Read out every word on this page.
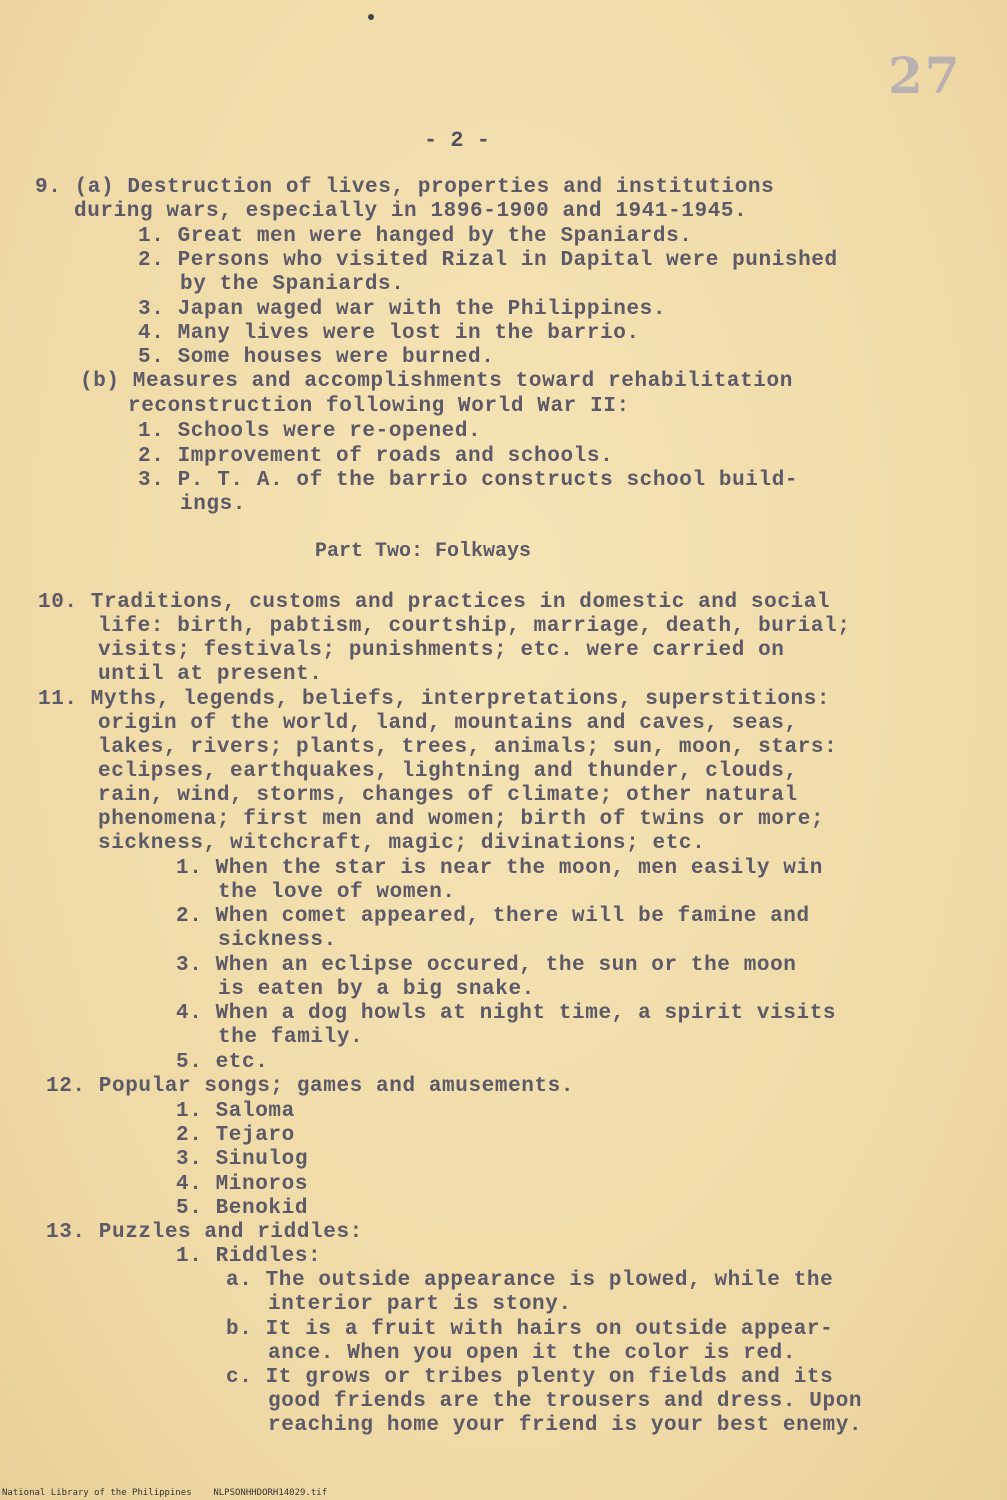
27
- 2 -
9. (a) Destruction of lives, properties and institutions
during wars, especially in 1896-1900 and 1941-1945.
1. Great men were hanged by the Spaniards.
2. Persons who visited Rizal in Dapital were punished
by the Spaniards.
3. Japan waged war with the Philippines.
4. Many lives were lost in the barrio.
5. Some houses were burned.
(b) Measures and accomplishments toward rehabilitation
reconstruction following World War II:
1. Schools were re-opened.
2. Improvement of roads and schools.
3. P. T. A. of the barrio constructs school build-
ings.
Part Two: Folkways
10. Traditions, customs and practices in domestic and social
life: birth, pabtism, courtship, marriage, death, burial;
visits; festivals; punishments; etc. were carried on
until at present.
11. Myths, legends, beliefs, interpretations, superstitions:
origin of the world, land, mountains and caves, seas,
lakes, rivers; plants, trees, animals; sun, moon, stars:
eclipses, earthquakes, lightning and thunder, clouds,
rain, wind, storms, changes of climate; other natural
phenomena; first men and women; birth of twins or more;
sickness, witchcraft, magic; divinations; etc.
1. When the star is near the moon, men easily win
the love of women.
2. When comet appeared, there will be famine and
sickness.
3. When an eclipse occured, the sun or the moon
is eaten by a big snake.
4. When a dog howls at night time, a spirit visits
the family.
5. etc.
12. Popular songs; games and amusements.
1. Saloma
2. Tejaro
3. Sinulog
4. Minoros
5. Benokid
13. Puzzles and riddles:
1. Riddles:
a. The outside appearance is plowed, while the
interior part is stony.
b. It is a fruit with hairs on outside appear-
ance. When you open it the color is red.
c. It grows or tribes plenty on fields and its
good friends are the trousers and dress. Upon
reaching home your friend is your best enemy.
National Library of the Philippines    NLPSONHHDORH14029.tif
